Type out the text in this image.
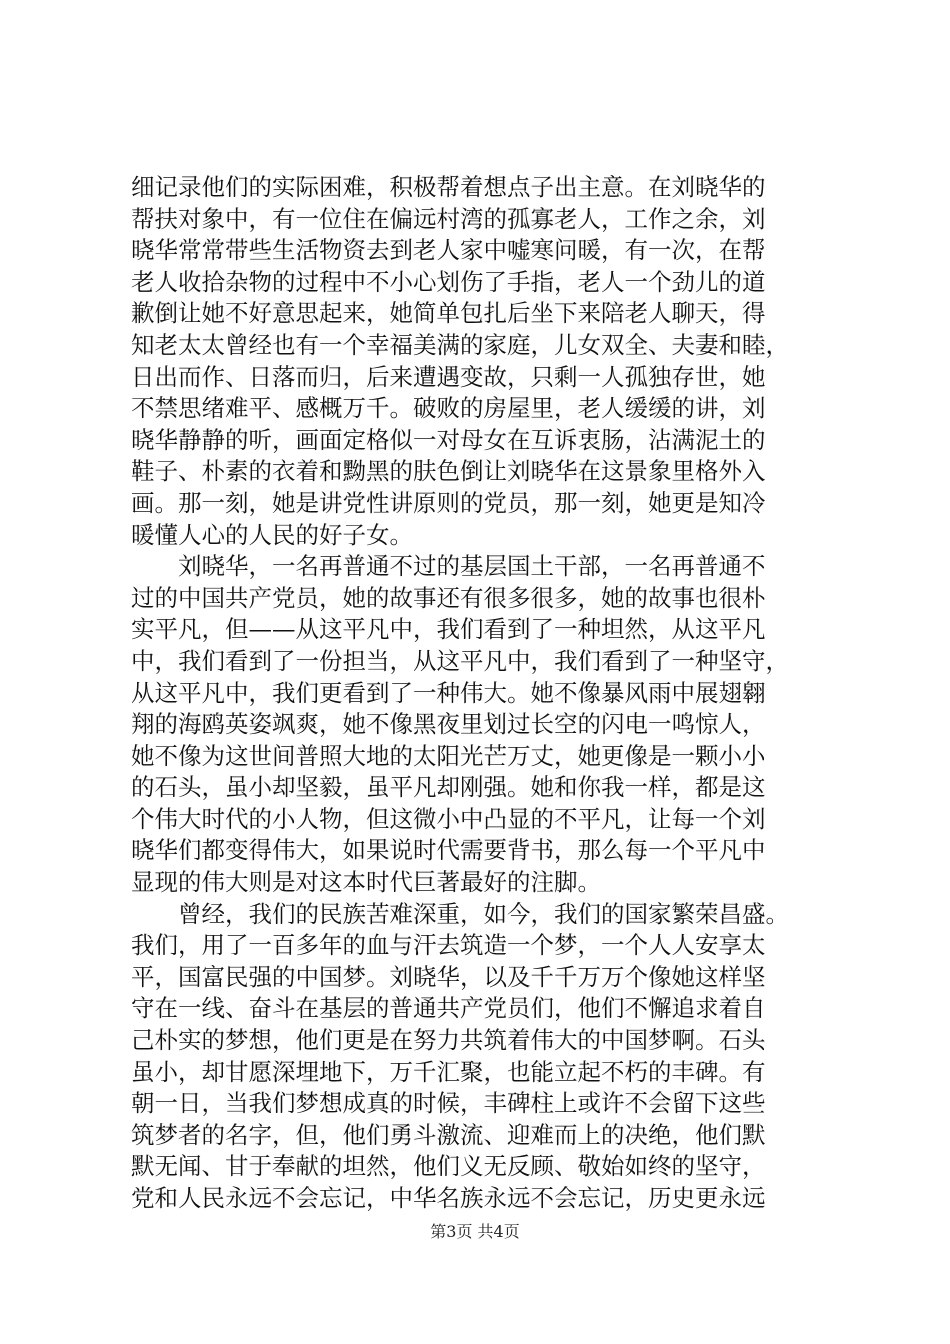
细记录他们的实际困难，积极帮着想点子出主意。在刘晓华的
帮扶对象中，有一位住在偏远村湾的孤寡老人，工作之余，刘
晓华常常带些生活物资去到老人家中嘘寒问暖，有一次，在帮
老人收拾杂物的过程中不小心划伤了手指，老人一个劲儿的道
歉倒让她不好意思起来，她简单包扎后坐下来陪老人聊天，得
知老太太曾经也有一个幸福美满的家庭，儿女双全、夫妻和睦，
日出而作、日落而归，后来遭遇变故，只剩一人孤独存世，她
不禁思绪难平、感概万千。破败的房屋里，老人缓缓的讲，刘
晓华静静的听，画面定格似一对母女在互诉衷肠，沾满泥土的
鞋子、朴素的衣着和黝黑的肤色倒让刘晓华在这景象里格外入
画。那一刻，她是讲党性讲原则的党员，那一刻，她更是知冷
暖懂人心的人民的好子女。
　　刘晓华，一名再普通不过的基层国土干部，一名再普通不
过的中国共产党员，她的故事还有很多很多，她的故事也很朴
实平凡，但——从这平凡中，我们看到了一种坦然，从这平凡
中，我们看到了一份担当，从这平凡中，我们看到了一种坚守，
从这平凡中，我们更看到了一种伟大。她不像暴风雨中展翅翱
翔的海鸥英姿飒爽，她不像黑夜里划过长空的闪电一鸣惊人，
她不像为这世间普照大地的太阳光芒万丈，她更像是一颗小小
的石头，虽小却坚毅，虽平凡却刚强。她和你我一样，都是这
个伟大时代的小人物，但这微小中凸显的不平凡，让每一个刘
晓华们都变得伟大，如果说时代需要背书，那么每一个平凡中
显现的伟大则是对这本时代巨著最好的注脚。
　　曾经，我们的民族苦难深重，如今，我们的国家繁荣昌盛。
我们，用了一百多年的血与汗去筑造一个梦，一个人人安享太
平，国富民强的中国梦。刘晓华，以及千千万万个像她这样坚
守在一线、奋斗在基层的普通共产党员们，他们不懈追求着自
己朴实的梦想，他们更是在努力共筑着伟大的中国梦啊。石头
虽小，却甘愿深埋地下，万千汇聚，也能立起不朽的丰碑。有
朝一日，当我们梦想成真的时候，丰碑柱上或许不会留下这些
筑梦者的名字，但，他们勇斗激流、迎难而上的决绝，他们默
默无闻、甘于奉献的坦然，他们义无反顾、敬始如终的坚守，
党和人民永远不会忘记，中华名族永远不会忘记，历史更永远
第3页 共4页
